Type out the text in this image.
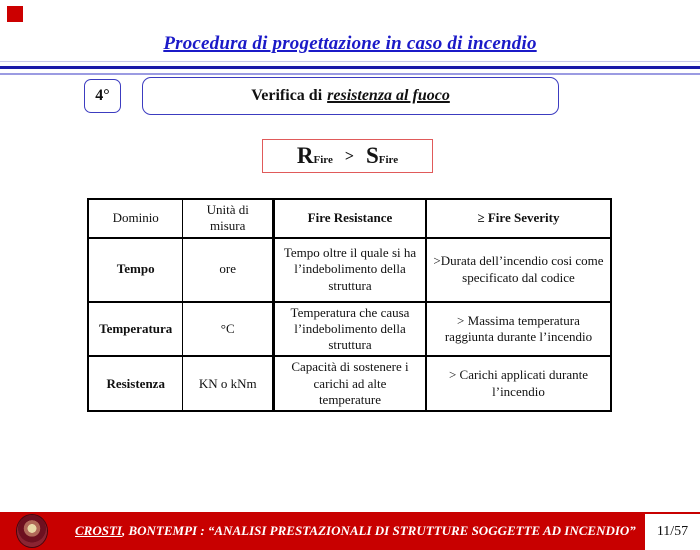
Procedura di progettazione in caso di incendio
4°	Verifica di resistenza al fuoco
R Fire > S Fire
Dominio	Unità di misura	Fire Resistance	≥ Fire Severity
Tempo	ore	Tempo oltre il quale si ha l’indebolimento della struttura	>Durata dell’incendio cosi come specificato dal codice
Temperatura	°C	Temperatura che causa l’indebolimento della struttura	> Massima temperatura raggiunta durante l’incendio
Resistenza	KN o kNm	Capacità di sostenere i carichi ad alte temperature	> Carichi applicati durante l’incendio
CROSTI , BONTEMPI : “ANALISI PRESTAZIONALI DI STRUTTURE SOGGETTE AD INCENDIO” 11/57
